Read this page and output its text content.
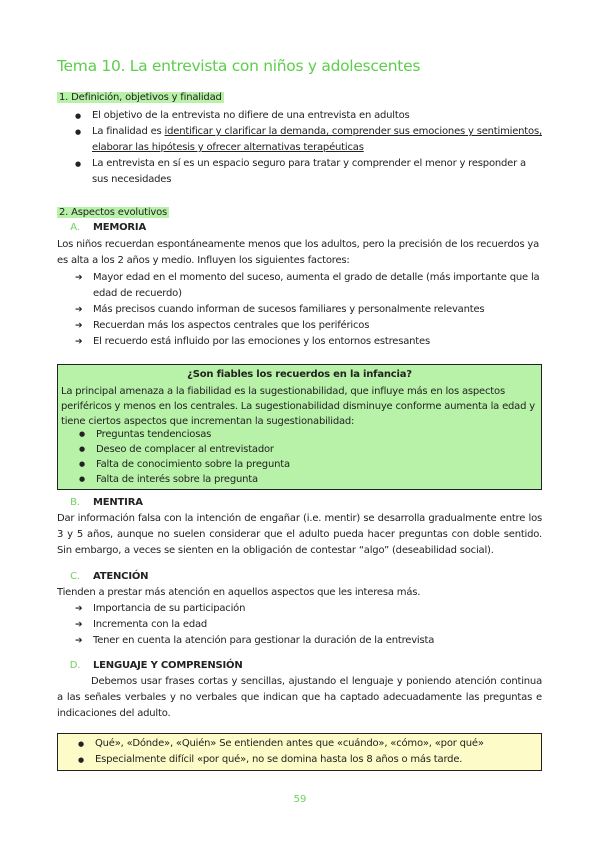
Tema 10. La entrevista con niños y adolescentes
1. Definición, objetivos y finalidad
● El objetivo de la entrevista no difiere de una entrevista en adultos
● La finalidad es identificar y clarificar la demanda, comprender sus emociones y sentimientos, elaborar las hipótesis y ofrecer alternativas terapéuticas
● La entrevista en sí es un espacio seguro para tratar y comprender el menor y responder a sus necesidades
2. Aspectos evolutivos
A. MEMORIA
Los niños recuerdan espontáneamente menos que los adultos, pero la precisión de los recuerdos ya es alta a los 2 años y medio. Influyen los siguientes factores:
➔ Mayor edad en el momento del suceso, aumenta el grado de detalle (más importante que la edad de recuerdo)
➔ Más precisos cuando informan de sucesos familiares y personalmente relevantes
➔ Recuerdan más los aspectos centrales que los periféricos
➔ El recuerdo está influido por las emociones y los entornos estresantes
¿Son fiables los recuerdos en la infancia?
La principal amenaza a la fiabilidad es la sugestionabilidad, que influye más en los aspectos periféricos y menos en los centrales. La sugestionabilidad disminuye conforme aumenta la edad y tiene ciertos aspectos que incrementan la sugestionabilidad:
● Preguntas tendenciosas
● Deseo de complacer al entrevistador
● Falta de conocimiento sobre la pregunta
● Falta de interés sobre la pregunta
B. MENTIRA
Dar información falsa con la intención de engañar (i.e. mentir) se desarrolla gradualmente entre los 3 y 5 años, aunque no suelen considerar que el adulto pueda hacer preguntas con doble sentido. Sin embargo, a veces se sienten en la obligación de contestar “algo” (deseabilidad social).
C. ATENCIÓN
Tienden a prestar más atención en aquellos aspectos que les interesa más.
➔ Importancia de su participación
➔ Incrementa con la edad
➔ Tener en cuenta la atención para gestionar la duración de la entrevista
D. LENGUAJE Y COMPRENSIÓN
Debemos usar frases cortas y sencillas, ajustando el lenguaje y poniendo atención continua a las señales verbales y no verbales que indican que ha captado adecuadamente las preguntas e indicaciones del adulto.
● Qué», «Dónde», «Quién» Se entienden antes que «cuándo», «cómo», «por qué»
● Especialmente difícil «por qué», no se domina hasta los 8 años o más tarde.
59
